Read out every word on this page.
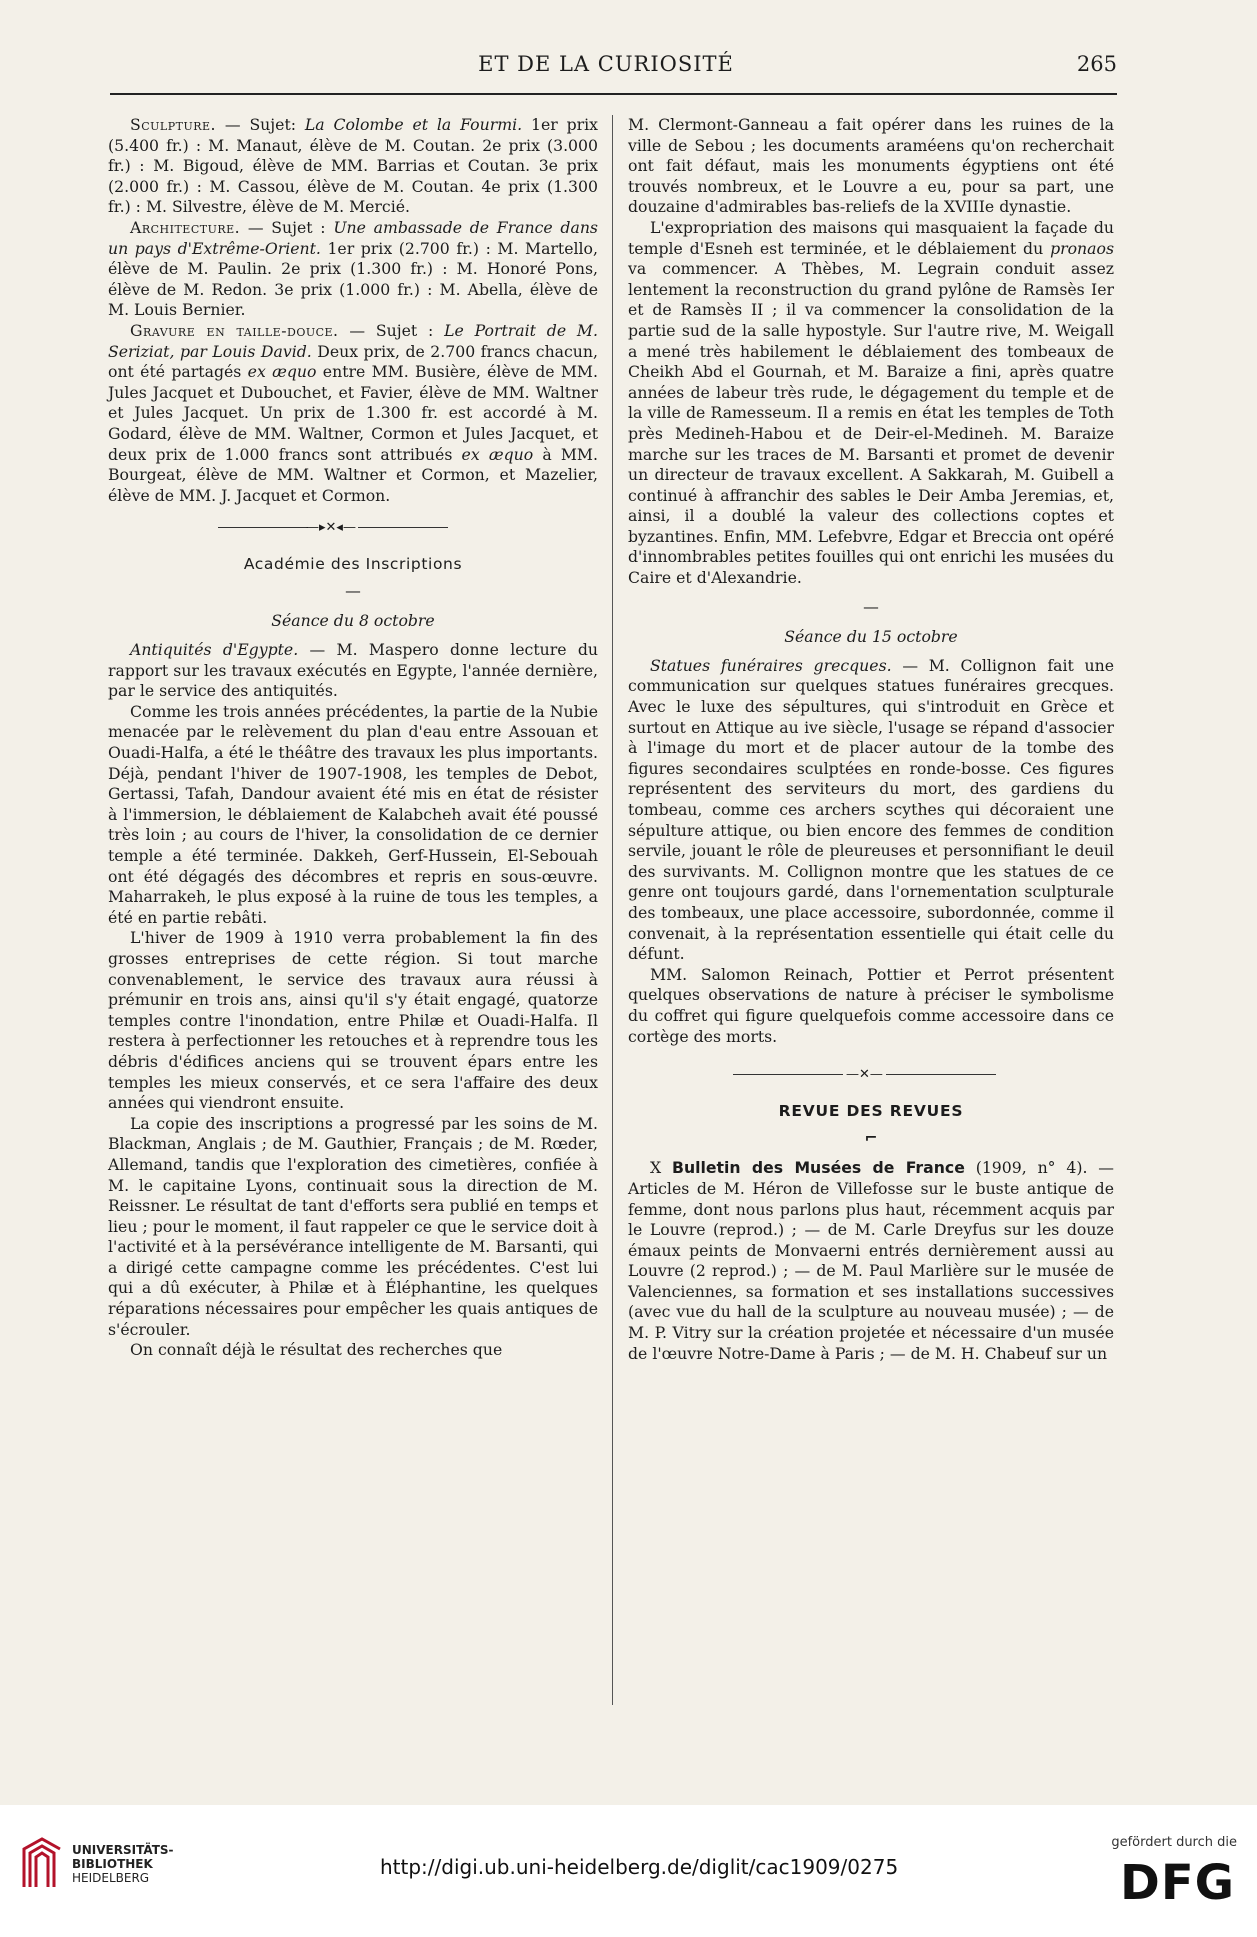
ET DE LA CURIOSITÉ	265

Sculpture. — Sujet: La Colombe et la Fourmi. 1er prix (5.400 fr.) : M. Manaut, élève de M. Coutan. 2e prix (3.000 fr.) : M. Bigoud, élève de MM. Barrias et Coutan. 3e prix (2.000 fr.) : M. Cassou, élève de M. Coutan. 4e prix (1.300 fr.) : M. Silvestre, élève de M. Mercié.

Architecture. — Sujet : Une ambassade de France dans un pays d'Extrême-Orient. 1er prix (2.700 fr.) : M. Martello, élève de M. Paulin. 2e prix (1.300 fr.) : M. Honoré Pons, élève de M. Redon. 3e prix (1.000 fr.) : M. Abella, élève de M. Louis Bernier.

Gravure en taille-douce. — Sujet : Le Portrait de M. Seriziat, par Louis David. Deux prix, de 2.700 francs chacun, ont été partagés ex æquo entre MM. Busière, élève de MM. Jules Jacquet et Dubouchet, et Favier, élève de MM. Waltner et Jules Jacquet. Un prix de 1.300 fr. est accordé à M. Godard, élève de MM. Waltner, Cormon et Jules Jacquet, et deux prix de 1.000 francs sont attribués ex æquo à MM. Bourgeat, élève de MM. Waltner et Cormon, et Mazelier, élève de MM. J. Jacquet et Cormon.

—▸✕◂—
Académie des Inscriptions
—
Séance du 8 octobre

Antiquités d'Egypte. — M. Maspero donne lecture du rapport sur les travaux exécutés en Egypte, l'année dernière, par le service des antiquités.

Comme les trois années précédentes, la partie de la Nubie menacée par le relèvement du plan d'eau entre Assouan et Ouadi-Halfa, a été le théâtre des travaux les plus importants. Déjà, pendant l'hiver de 1907-1908, les temples de Debot, Gertassi, Tafah, Dandour avaient été mis en état de résister à l'immersion, le déblaiement de Kalabcheh avait été poussé très loin ; au cours de l'hiver, la consolidation de ce dernier temple a été terminée. Dakkeh, Gerf-Hussein, El-Sebouah ont été dégagés des décombres et repris en sous-œuvre. Maharrakeh, le plus exposé à la ruine de tous les temples, a été en partie rebâti.

L'hiver de 1909 à 1910 verra probablement la fin des grosses entreprises de cette région. Si tout marche convenablement, le service des travaux aura réussi à prémunir en trois ans, ainsi qu'il s'y était engagé, quatorze temples contre l'inondation, entre Philæ et Ouadi-Halfa. Il restera à perfectionner les retouches et à reprendre tous les débris d'édifices anciens qui se trouvent épars entre les temples les mieux conservés, et ce sera l'affaire des deux années qui viendront ensuite.

La copie des inscriptions a progressé par les soins de M. Blackman, Anglais ; de M. Gauthier, Français ; de M. Rœder, Allemand, tandis que l'exploration des cimetières, confiée à M. le capitaine Lyons, continuait sous la direction de M. Reissner. Le résultat de tant d'efforts sera publié en temps et lieu ; pour le moment, il faut rappeler ce que le service doit à l'activité et à la persévérance intelligente de M. Barsanti, qui a dirigé cette campagne comme les précédentes. C'est lui qui a dû exécuter, à Philæ et à Éléphantine, les quelques réparations nécessaires pour empêcher les quais antiques de s'écrouler.

On connaît déjà le résultat des recherches que

M. Clermont-Ganneau a fait opérer dans les ruines de la ville de Sebou ; les documents araméens qu'on recherchait ont fait défaut, mais les monuments égyptiens ont été trouvés nombreux, et le Louvre a eu, pour sa part, une douzaine d'admirables bas-reliefs de la XVIIIe dynastie.

L'expropriation des maisons qui masquaient la façade du temple d'Esneh est terminée, et le déblaiement du pronaos va commencer. A Thèbes, M. Legrain conduit assez lentement la reconstruction du grand pylône de Ramsès Ier et de Ramsès II ; il va commencer la consolidation de la partie sud de la salle hypostyle. Sur l'autre rive, M. Weigall a mené très habilement le déblaiement des tombeaux de Cheikh Abd el Gournah, et M. Baraize a fini, après quatre années de labeur très rude, le dégagement du temple et de la ville de Ramesseum. Il a remis en état les temples de Toth près Medineh-Habou et de Deir-el-Medineh. M. Baraize marche sur les traces de M. Barsanti et promet de devenir un directeur de travaux excellent. A Sakkarah, M. Guibell a continué à affranchir des sables le Deir Amba Jeremias, et, ainsi, il a doublé la valeur des collections coptes et byzantines. Enfin, MM. Lefebvre, Edgar et Breccia ont opéré d'innombrables petites fouilles qui ont enrichi les musées du Caire et d'Alexandrie.

—
Séance du 15 octobre

Statues funéraires grecques. — M. Collignon fait une communication sur quelques statues funéraires grecques. Avec le luxe des sépultures, qui s'introduit en Grèce et surtout en Attique au ive siècle, l'usage se répand d'associer à l'image du mort et de placer autour de la tombe des figures secondaires sculptées en ronde-bosse. Ces figures représentent des serviteurs du mort, des gardiens du tombeau, comme ces archers scythes qui décoraient une sépulture attique, ou bien encore des femmes de condition servile, jouant le rôle de pleureuses et personnifiant le deuil des survivants. M. Collignon montre que les statues de ce genre ont toujours gardé, dans l'ornementation sculpturale des tombeaux, une place accessoire, subordonnée, comme il convenait, à la représentation essentielle qui était celle du défunt.

MM. Salomon Reinach, Pottier et Perrot présentent quelques observations de nature à préciser le symbolisme du coffret qui figure quelquefois comme accessoire dans ce cortège des morts.

—✕—
REVUE DES REVUES
⌐

X Bulletin des Musées de France (1909, n° 4). — Articles de M. Héron de Villefosse sur le buste antique de femme, dont nous parlons plus haut, récemment acquis par le Louvre (reprod.) ; — de M. Carle Dreyfus sur les douze émaux peints de Monvaerni entrés dernièrement aussi au Louvre (2 reprod.) ; — de M. Paul Marlière sur le musée de Valenciennes, sa formation et ses installations successives (avec vue du hall de la sculpture au nouveau musée) ; — de M. P. Vitry sur la création projetée et nécessaire d'un musée de l'œuvre Notre-Dame à Paris ; — de M. H. Chabeuf sur un

UNIVERSITÄTS-
BIBLIOTHEK
HEIDELBERG	http://digi.ub.uni-heidelberg.de/diglit/cac1909/0275
gefördert durch die
DFG
